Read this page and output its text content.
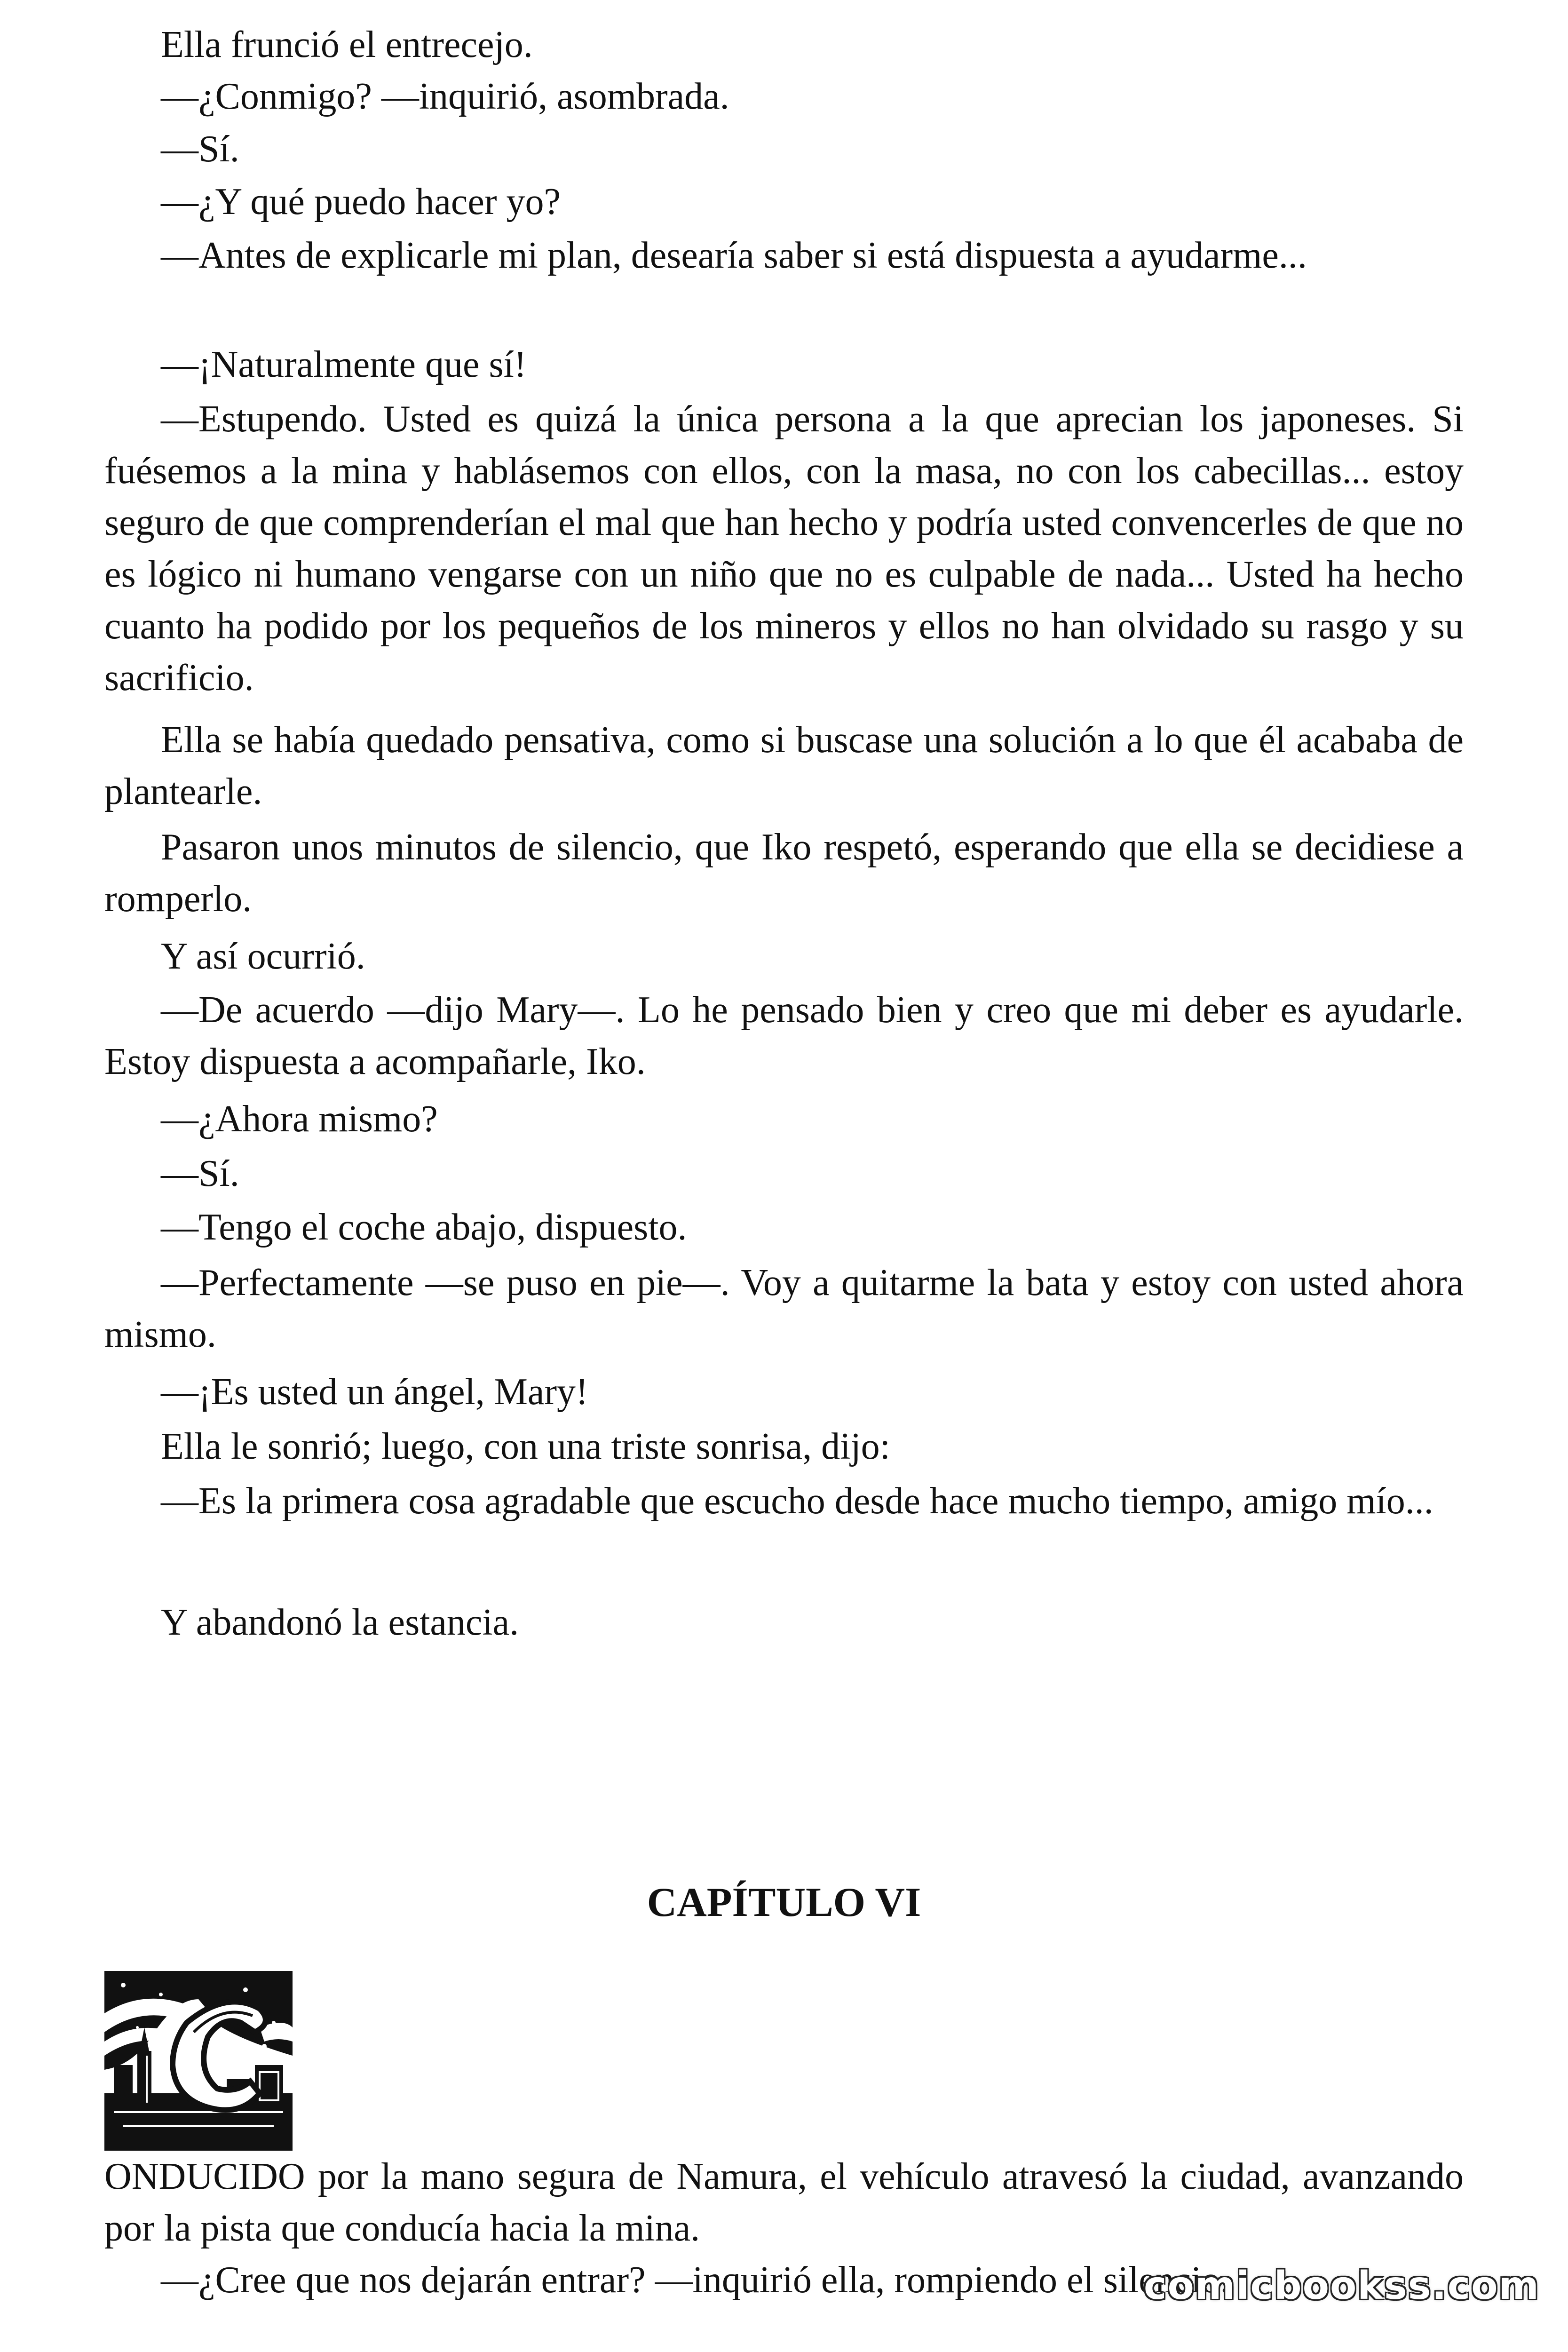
Ella frunció el entrecejo.

—¿Conmigo? —inquirió, asombrada.

—Sí.

—¿Y qué puedo hacer yo?

—Antes de explicarle mi plan, desearía saber si está dispuesta a ayudarme...

—¡Naturalmente que sí!

—Estupendo. Usted es quizá la única persona a la que aprecian los japoneses. Si fuésemos a la mina y hablásemos con ellos, con la masa, no con los cabecillas... estoy seguro de que comprenderían el mal que han hecho y podría usted convencerles de que no es lógico ni humano vengarse con un niño que no es culpable de nada... Usted ha hecho cuanto ha podido por los pequeños de los mineros y ellos no han olvidado su rasgo y su sacrificio.

Ella se había quedado pensativa, como si buscase una solución a lo que él acababa de plantearle.

Pasaron unos minutos de silencio, que Iko respetó, esperando que ella se decidiese a romperlo.

Y así ocurrió.

—De acuerdo —dijo Mary—. Lo he pensado bien y creo que mi deber es ayudarle. Estoy dispuesta a acompañarle, Iko.

—¿Ahora mismo?

—Sí.

—Tengo el coche abajo, dispuesto.

—Perfectamente —se puso en pie—. Voy a quitarme la bata y estoy con usted ahora mismo.

—¡Es usted un ángel, Mary!

Ella le sonrió; luego, con una triste sonrisa, dijo:

—Es la primera cosa agradable que escucho desde hace mucho tiempo, amigo mío...

Y abandonó la estancia.

CAPÍTULO VI

ONDUCIDO por la mano segura de Namura, el vehículo atravesó la ciudad, avanzando por la pista que conducía hacia la mina.

—¿Cree que nos dejarán entrar? —inquirió ella, rompiendo el silencio.

comicbookss.com
